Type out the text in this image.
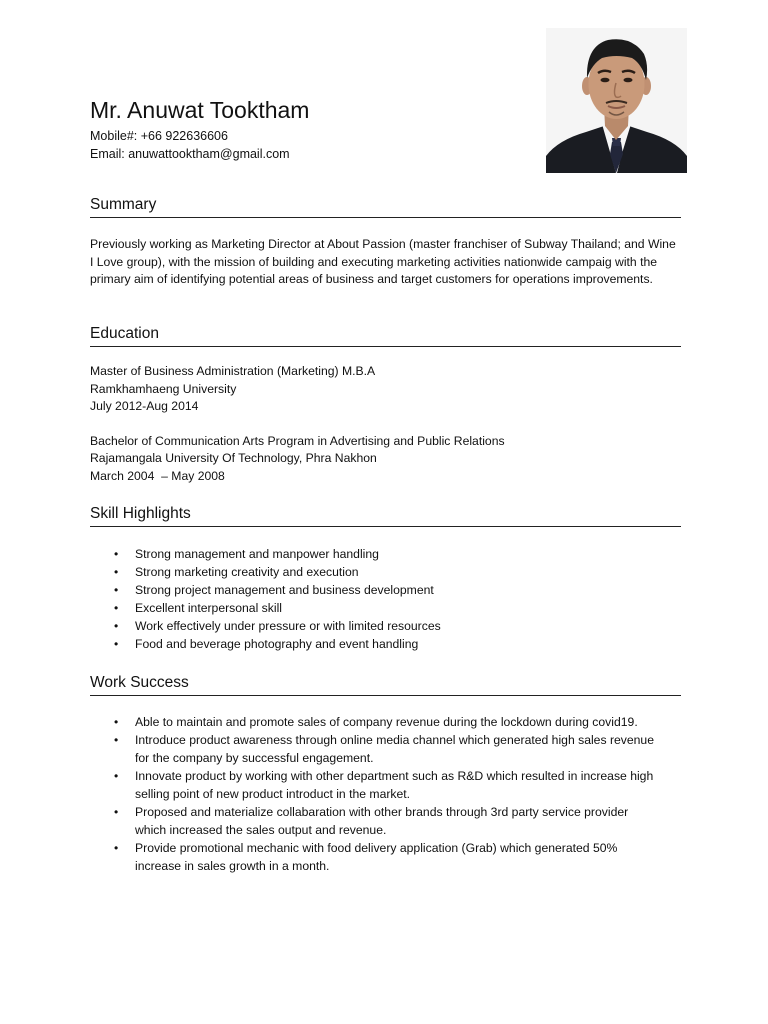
Mr. Anuwat Tooktham
Mobile#: +66 922636606
Email: anuwattooktham@gmail.com
Summary

Previously working as Marketing Director at About Passion (master franchiser of Subway Thailand; and Wine I Love group), with the mission of building and executing marketing activities nationwide campaig with the primary aim of identifying potential areas of business and target customers for operations improvements.

Education
Master of Business Administration (Marketing) M.B.A
Ramkhamhaeng University
July 2012-Aug 2014
Bachelor of Communication Arts Program in Advertising and Public Relations
Rajamangala University Of Technology, Phra Nakhon
March 2004  – May 2008
Skill Highlights
• Strong management and manpower handling
• Strong marketing creativity and execution
• Strong project management and business development
• Excellent interpersonal skill
• Work effectively under pressure or with limited resources
• Food and beverage photography and event handling
Work Success
• Able to maintain and promote sales of company revenue during the lockdown during covid19.
• Introduce product awareness through online media channel which generated high sales revenue for the company by successful engagement.
• Innovate product by working with other department such as R&D which resulted in increase high selling point of new product introduct in the market.
• Proposed and materialize collabaration with other brands through 3rd party service provider which increased the sales output and revenue.
• Provide promotional mechanic with food delivery application (Grab) which generated 50% increase in sales growth in a month.
